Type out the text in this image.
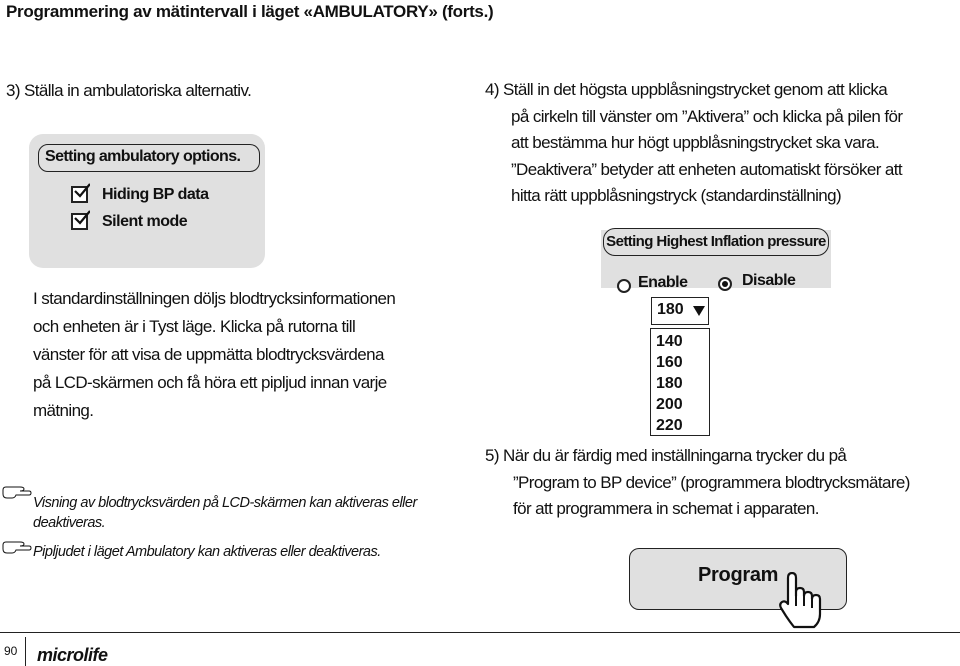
Programmering av mätintervall i läget «AMBULATORY» (forts.)
3) Ställa in ambulatoriska alternativ.
Setting ambulatory options.
Hiding BP data
Silent mode
I standardinställningen döljs blodtrycksinformationen
och enheten är i Tyst läge. Klicka på rutorna till
vänster för att visa de uppmätta blodtrycksvärdena
på LCD-skärmen och få höra ett pipljud innan varje
mätning.
Visning av blodtrycksvärden på LCD-skärmen kan aktiveras eller
deaktiveras.
Pipljudet i läget Ambulatory kan aktiveras eller deaktiveras.
4) Ställ in det högsta uppblåsningstrycket genom att klicka
på cirkeln till vänster om ”Aktivera” och klicka på pilen för
att bestämma hur högt uppblåsningstrycket ska vara.
”Deaktivera” betyder att enheten automatiskt försöker att
hitta rätt uppblåsningstryck (standardinställning)
Setting Highest Inflation pressure
Enable	Disable
180
140
160
180
200
220
5) När du är färdig med inställningarna trycker du på
”Program to BP device” (programmera blodtrycksmätare)
för att programmera in schemat i apparaten.
Program
90 microlife
